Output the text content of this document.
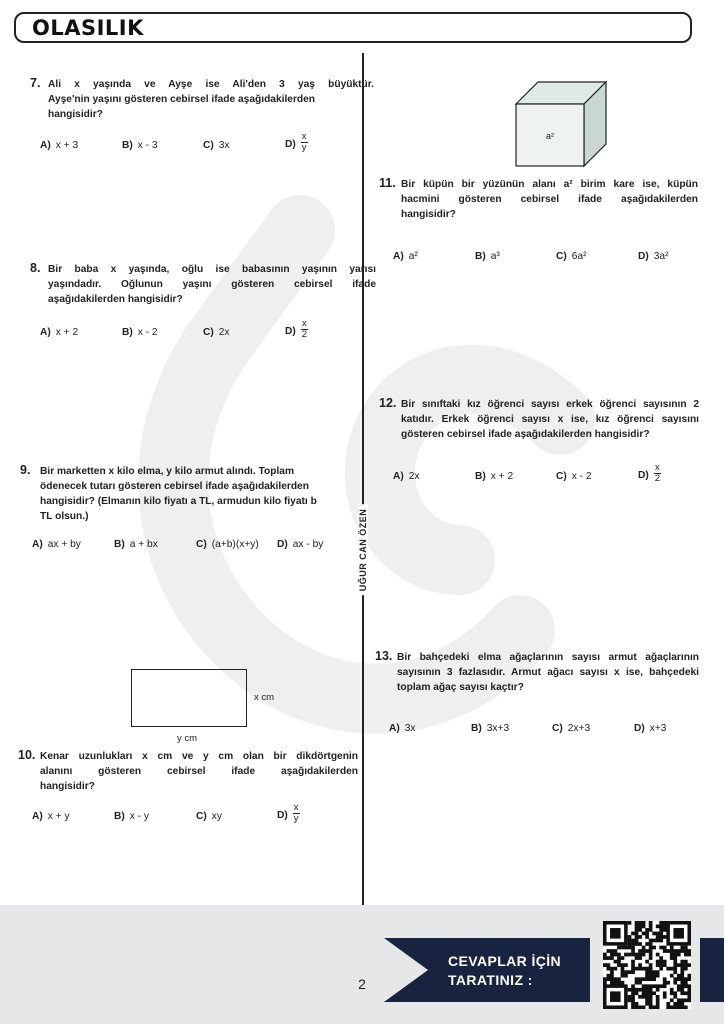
OLASILIK
UĞUR CAN ÖZEN
7. Ali x yaşında ve Ayşe ise Ali'den 3 yaş büyüktür.
Ayşe'nin yaşını gösteren cebirsel ifade aşağıdakilerden
hangisidir?
A) x + 3	B) x - 3	C) 3x	$D) \frac{x}{y}$
8. Bir baba x yaşında, oğlu ise babasının yaşının yarısı
yaşındadır. Oğlunun yaşını gösteren cebirsel ifade
aşağıdakilerden hangisidir?
A) x + 2	B) x - 2	C) 2x	$D) \frac{x}{2}$
9. Bir marketten x kilo elma, y kilo armut alındı. Toplam
ödenecek tutarı gösteren cebirsel ifade aşağıdakilerden
hangisidir? (Elmanın kilo fiyatı a TL, armudun kilo fiyatı b
TL olsun.)
A) ax + by	B) a + bx	C) (a+b)(x+y) D) ax - by
x cm
y cm
10. Kenar uzunlukları x cm ve y cm olan bir dikdörtgenin
alanını gösteren cebirsel ifade aşağıdakilerden
hangisidir?
A) x + y	B) x - y	C) xy	$D) \frac{x}{y}$
a²
11. Bir küpün bir yüzünün alanı a² birim kare ise, küpün
hacmini gösteren cebirsel ifade aşağıdakilerden
hangisidir?
A) a²	B) a³	C) 6a²	D) 3a²
12. Bir sınıftaki kız öğrenci sayısı erkek öğrenci sayısının 2
katıdır. Erkek öğrenci sayısı x ise, kız öğrenci sayısını
gösteren cebirsel ifade aşağıdakilerden hangisidir?
A) 2x	B) x + 2	C) x - 2	$D) \frac{x}{2}$
13. Bir bahçedeki elma ağaçlarının sayısı armut ağaçlarının
sayısının 3 fazlasıdır. Armut ağacı sayısı x ise, bahçedeki
toplam ağaç sayısı kaçtır?
A) 3x	B) 3x+3	C) 2x+3	D) x+3
CEVAPLAR İÇİN
TARATINIZ :
2
